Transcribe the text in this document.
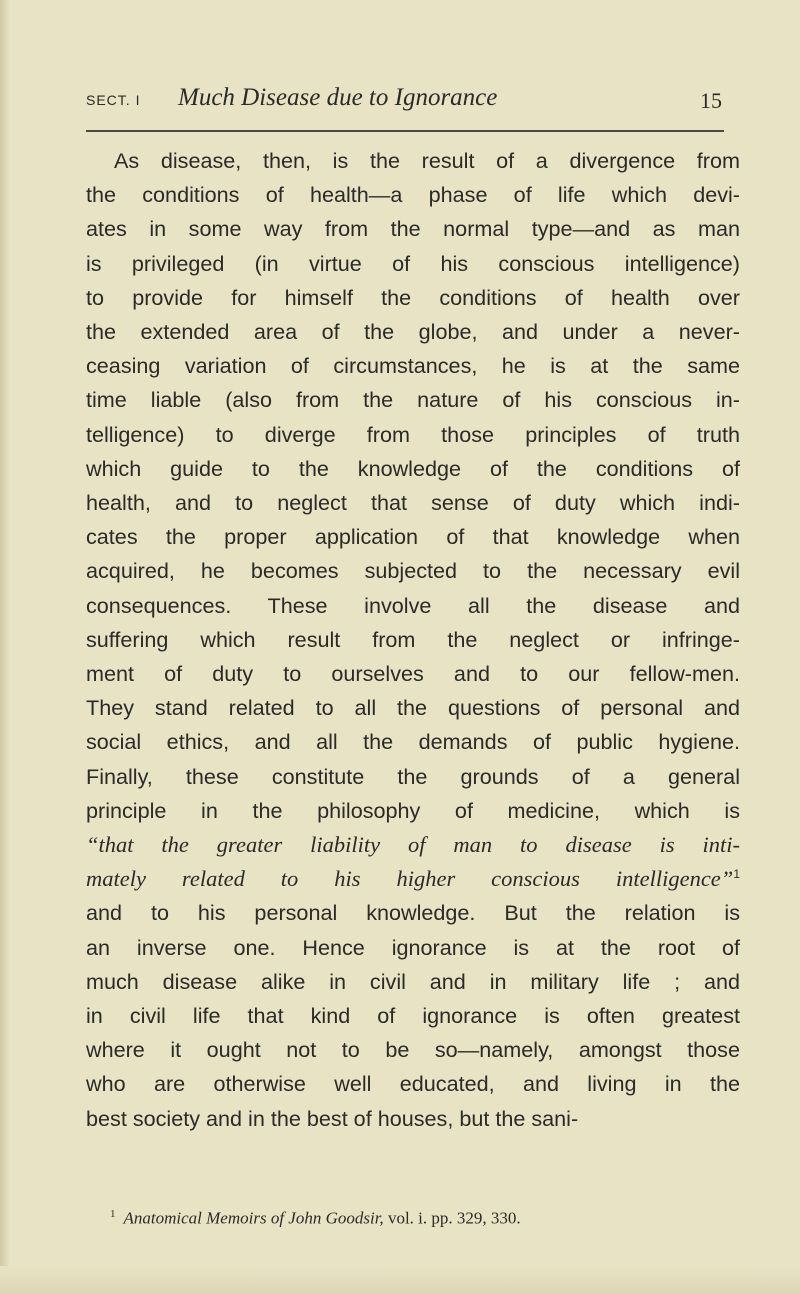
SECT. I Much Disease due to Ignorance	15
As disease, then, is the result of a divergence from
the conditions of health—a phase of life which devi-
ates in some way from the normal type—and as man
is privileged (in virtue of his conscious intelligence)
to provide for himself the conditions of health over
the extended area of the globe, and under a never-
ceasing variation of circumstances, he is at the same
time liable (also from the nature of his conscious in-
telligence) to diverge from those principles of truth
which guide to the knowledge of the conditions of
health, and to neglect that sense of duty which indi-
cates the proper application of that knowledge when
acquired, he becomes subjected to the necessary evil
consequences. These involve all the disease and
suffering which result from the neglect or infringe-
ment of duty to ourselves and to our fellow-men.
They stand related to all the questions of personal and
social ethics, and all the demands of public hygiene.
Finally, these constitute the grounds of a general
principle in the philosophy of medicine, which is
“that the greater liability of man to disease is inti-
mately related to his higher conscious intelligence”$^1$
and to his personal knowledge. But the relation is
an inverse one. Hence ignorance is at the root of
much disease alike in civil and in military life ; and
in civil life that kind of ignorance is often greatest
where it ought not to be so—namely, amongst those
who are otherwise well educated, and living in the
best society and in the best of houses, but the sani-
$^1$ Anatomical Memoirs of John Goodsir, vol. i. pp. 329, 330.
